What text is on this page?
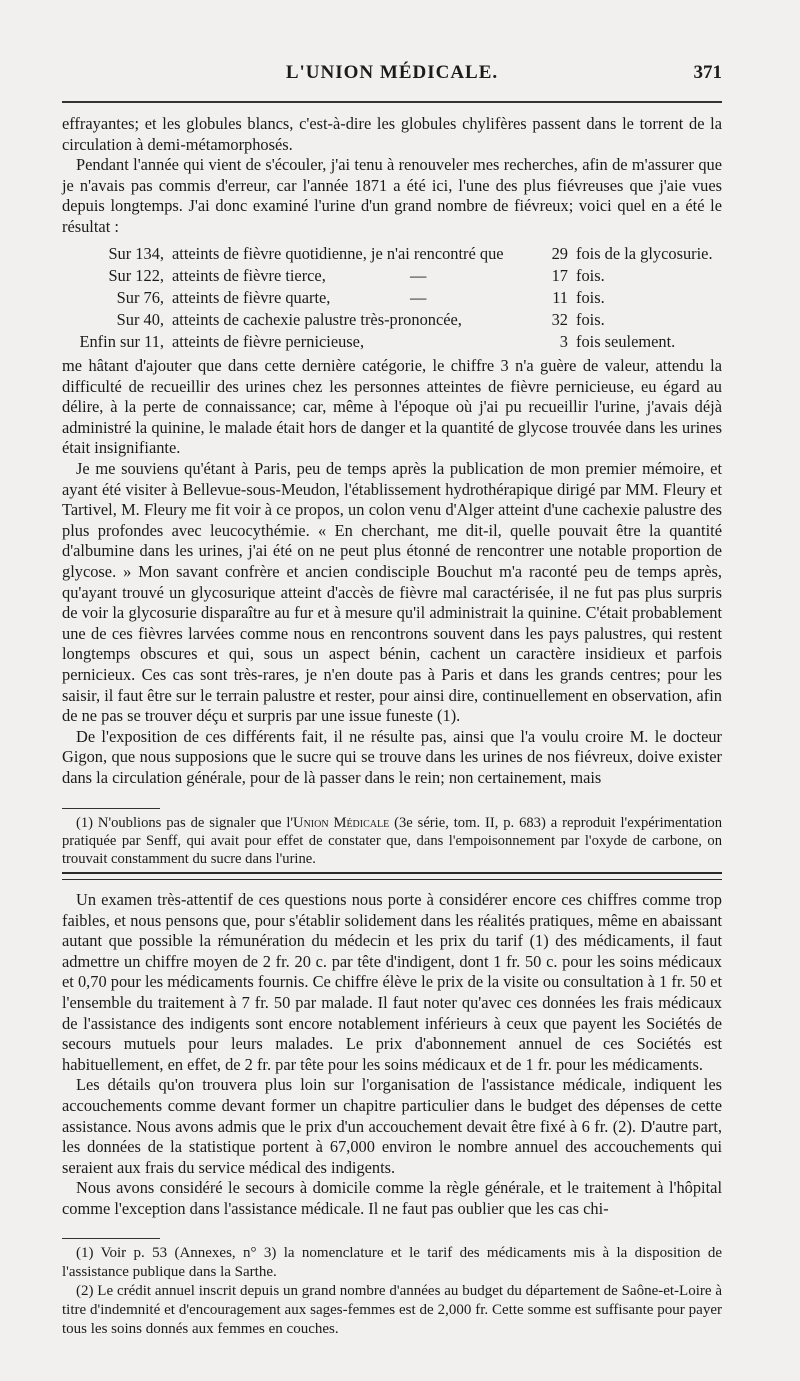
L'UNION MÉDICALE.	371

effrayantes; et les globules blancs, c'est-à-dire les globules chylifères passent dans le torrent de la circulation à demi-métamorphosés.

Pendant l'année qui vient de s'écouler, j'ai tenu à renouveler mes recherches, afin de m'assurer que je n'avais pas commis d'erreur, car l'année 1871 a été ici, l'une des plus fiévreuses que j'aie vues depuis longtemps. J'ai donc examiné l'urine d'un grand nombre de fiévreux; voici quel en a été le résultat :

Sur 134, atteints de fièvre quotidienne, je n'ai rencontré que	29 fois de la glycosurie.
Sur 122, atteints de fièvre tierce,	—	17 fois.
Sur 76, atteints de fièvre quarte,	—	11 fois.
Sur 40, atteints de cachexie palustre très-prononcée,	32 fois.
Enfin sur 11, atteints de fièvre pernicieuse,	3 fois seulement.

me hâtant d'ajouter que dans cette dernière catégorie, le chiffre 3 n'a guère de valeur, attendu la difficulté de recueillir des urines chez les personnes atteintes de fièvre pernicieuse, eu égard au délire, à la perte de connaissance; car, même à l'époque où j'ai pu recueillir l'urine, j'avais déjà administré la quinine, le malade était hors de danger et la quantité de glycose trouvée dans les urines était insignifiante.

Je me souviens qu'étant à Paris, peu de temps après la publication de mon premier mémoire, et ayant été visiter à Bellevue-sous-Meudon, l'établissement hydrothérapique dirigé par MM. Fleury et Tartivel, M. Fleury me fit voir à ce propos, un colon venu d'Alger atteint d'une cachexie palustre des plus profondes avec leucocythémie. « En cherchant, me dit-il, quelle pouvait être la quantité d'albumine dans les urines, j'ai été on ne peut plus étonné de rencontrer une notable proportion de glycose. » Mon savant confrère et ancien condisciple Bouchut m'a raconté peu de temps après, qu'ayant trouvé un glycosurique atteint d'accès de fièvre mal caractérisée, il ne fut pas plus surpris de voir la glycosurie disparaître au fur et à mesure qu'il administrait la quinine. C'était probablement une de ces fièvres larvées comme nous en rencontrons souvent dans les pays palustres, qui restent longtemps obscures et qui, sous un aspect bénin, cachent un caractère insidieux et parfois pernicieux. Ces cas sont très-rares, je n'en doute pas à Paris et dans les grands centres; pour les saisir, il faut être sur le terrain palustre et rester, pour ainsi dire, continuellement en observation, afin de ne pas se trouver déçu et surpris par une issue funeste (1).

De l'exposition de ces différents fait, il ne résulte pas, ainsi que l'a voulu croire M. le docteur Gigon, que nous supposions que le sucre qui se trouve dans les urines de nos fiévreux, doive exister dans la circulation générale, pour de là passer dans le rein; non certainement, mais

(1) N'oublions pas de signaler que l'Union Médicale (3e série, tom. II, p. 683) a reproduit l'expérimentation pratiquée par Senff, qui avait pour effet de constater que, dans l'empoisonnement par l'oxyde de carbone, on trouvait constamment du sucre dans l'urine.

Un examen très-attentif de ces questions nous porte à considérer encore ces chiffres comme trop faibles, et nous pensons que, pour s'établir solidement dans les réalités pratiques, même en abaissant autant que possible la rémunération du médecin et les prix du tarif (1) des médicaments, il faut admettre un chiffre moyen de 2 fr. 20 c. par tête d'indigent, dont 1 fr. 50 c. pour les soins médicaux et 0,70 pour les médicaments fournis. Ce chiffre élève le prix de la visite ou consultation à 1 fr. 50 et l'ensemble du traitement à 7 fr. 50 par malade. Il faut noter qu'avec ces données les frais médicaux de l'assistance des indigents sont encore notablement inférieurs à ceux que payent les Sociétés de secours mutuels pour leurs malades. Le prix d'abonnement annuel de ces Sociétés est habituellement, en effet, de 2 fr. par tête pour les soins médicaux et de 1 fr. pour les médicaments.

Les détails qu'on trouvera plus loin sur l'organisation de l'assistance médicale, indiquent les accouchements comme devant former un chapitre particulier dans le budget des dépenses de cette assistance. Nous avons admis que le prix d'un accouchement devait être fixé à 6 fr. (2). D'autre part, les données de la statistique portent à 67,000 environ le nombre annuel des accouchements qui seraient aux frais du service médical des indigents.

Nous avons considéré le secours à domicile comme la règle générale, et le traitement à l'hôpital comme l'exception dans l'assistance médicale. Il ne faut pas oublier que les cas chi-

(1) Voir p. 53 (Annexes, n° 3) la nomenclature et le tarif des médicaments mis à la disposition de l'assistance publique dans la Sarthe.

(2) Le crédit annuel inscrit depuis un grand nombre d'années au budget du département de Saône-et-Loire à titre d'indemnité et d'encouragement aux sages-femmes est de 2,000 fr. Cette somme est suffisante pour payer tous les soins donnés aux femmes en couches.
